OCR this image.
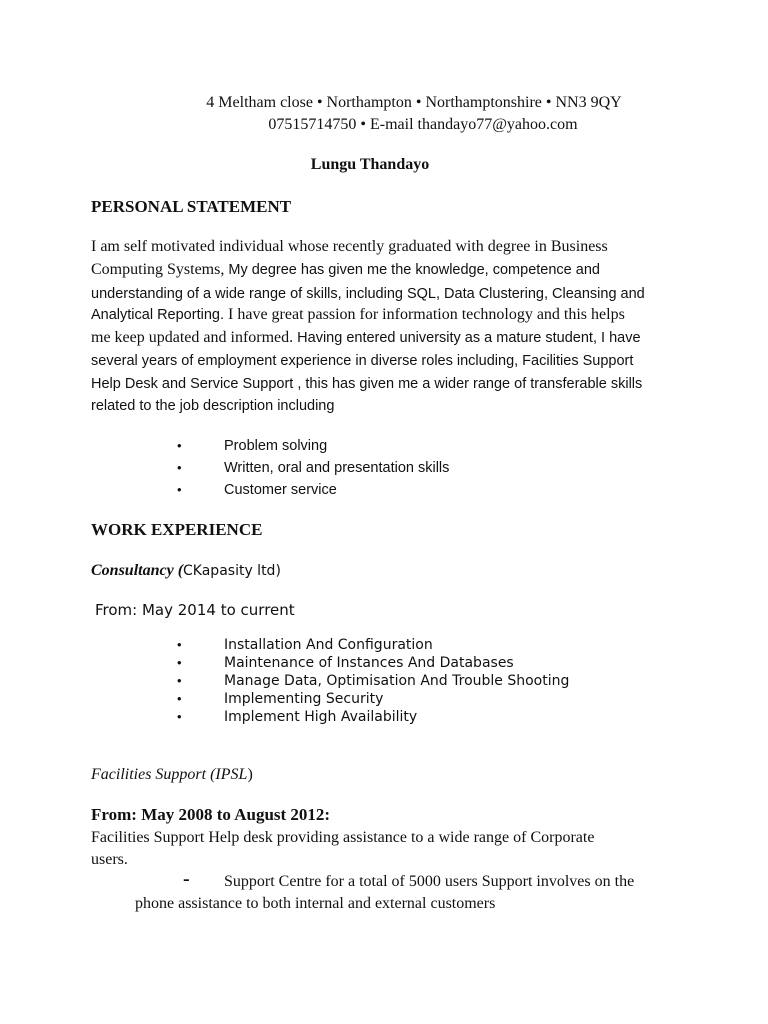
4 Meltham close • Northampton • Northamptonshire • NN3 9QY
07515714750 • E-mail thandayo77@yahoo.com
Lungu Thandayo
PERSONAL STATEMENT
I am self motivated individual whose recently graduated with degree in Business
Computing Systems, My degree has given me the knowledge, competence and
understanding of a wide range of skills, including SQL, Data Clustering, Cleansing and
Analytical Reporting. I have great passion for information technology and this helps
me keep updated and informed. Having entered university as a mature student, I have
several years of employment experience in diverse roles including, Facilities Support
Help Desk and Service Support , this has given me a wider range of transferable skills
related to the job description including
•	Problem solving
•	Written, oral and presentation skills
•	Customer service
WORK EXPERIENCE
Consultancy (CKapasity ltd)
From: May 2014 to current
•	Installation And Configuration
•	Maintenance of Instances And Databases
•	Manage Data, Optimisation And Trouble Shooting
•	Implementing Security
•	Implement High Availability
Facilities Support (IPSL)
From: May 2008 to August 2012:
Facilities Support Help desk providing assistance to a wide range of Corporate
users.
- Support Centre for a total of 5000 users Support involves on the
phone assistance to both internal and external customers
